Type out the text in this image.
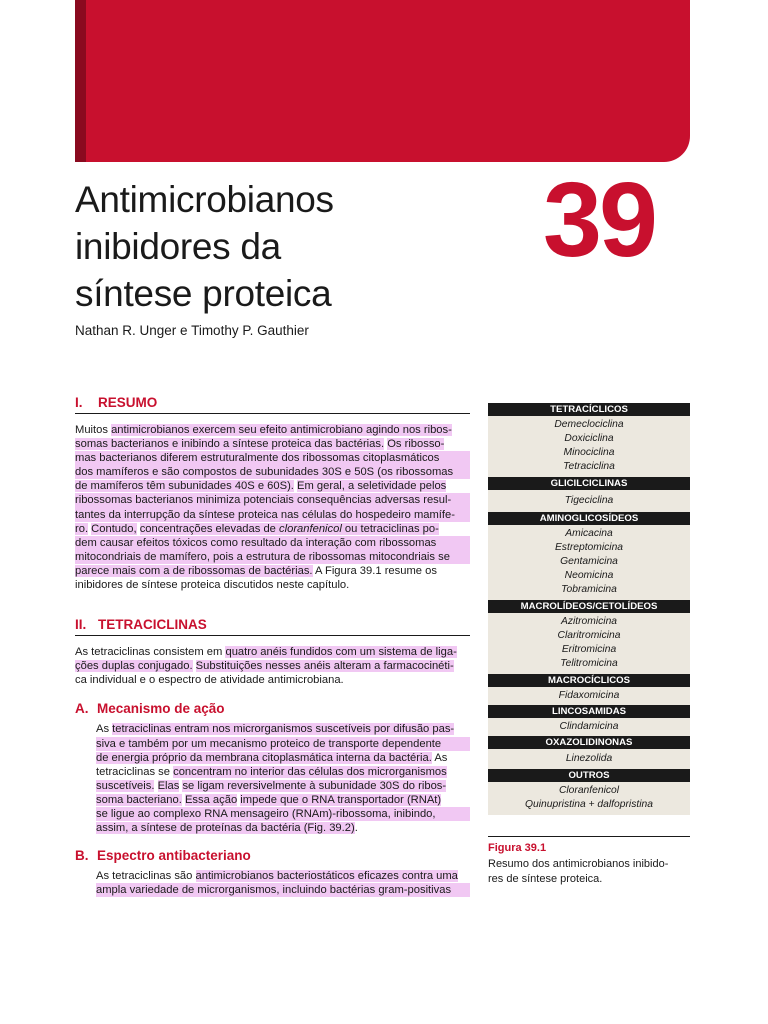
Antimicrobianos
inibidores da
síntese proteica
39
Nathan R. Unger e Timothy P. Gauthier
I.	RESUMO
Muitos antimicrobianos exercem seu efeito antimicrobiano agindo nos ribos-
somas bacterianos e inibindo a síntese proteica das bactérias. Os ribosso-
mas bacterianos diferem estruturalmente dos ribossomas citoplasmáticos
dos mamíferos e são compostos de subunidades 30S e 50S (os ribossomas
de mamíferos têm subunidades 40S e 60S). Em geral, a seletividade pelos
ribossomas bacterianos minimiza potenciais consequências adversas resul-
tantes da interrupção da síntese proteica nas células do hospedeiro mamífe-
ro. Contudo, concentrações elevadas de cloranfenicol ou tetraciclinas po-
dem causar efeitos tóxicos como resultado da interação com ribossomas
mitocondriais de mamífero, pois a estrutura de ribossomas mitocondriais se
parece mais com a de ribossomas de bactérias. A Figura 39.1 resume os
inibidores de síntese proteica discutidos neste capítulo.
II. TETRACICLINAS
As tetraciclinas consistem em quatro anéis fundidos com um sistema de liga-
ções duplas conjugado. Substituições nesses anéis alteram a farmacocinéti-
ca individual e o espectro de atividade antimicrobiana.
A. Mecanismo de ação
As tetraciclinas entram nos microrganismos suscetíveis por difusão pas-
siva e também por um mecanismo proteico de transporte dependente
de energia próprio da membrana citoplasmática interna da bactéria. As
tetraciclinas se concentram no interior das células dos microrganismos
suscetíveis. Elas se ligam reversivelmente à subunidade 30S do ribos-
soma bacteriano. Essa ação impede que o RNA transportador (RNAt)
se ligue ao complexo RNA mensageiro (RNAm)-ribossoma, inibindo,
assim, a síntese de proteínas da bactéria (Fig. 39.2).
B. Espectro antibacteriano
As tetraciclinas são antimicrobianos bacteriostáticos eficazes contra uma
ampla variedade de microrganismos, incluindo bactérias gram-positivas
TETRACÍCLICOS
Demeclociclina
Doxiciclina
Minociclina
Tetraciclina
GLICILCICLINAS
Tigeciclina
AMINOGLICOSÍDEOS
Amicacina
Estreptomicina
Gentamicina
Neomicina
Tobramicina
MACROLÍDEOS/CETOLÍDEOS
Azitromicina
Claritromicina
Eritromicina
Telitromicina
MACROCÍCLICOS
Fidaxomicina
LINCOSAMIDAS
Clindamicina
OXAZOLIDINONAS
Linezolida
OUTROS
Cloranfenicol
Quinupristina + dalfopristina
Figura 39.1
Resumo dos antimicrobianos inibido-
res de síntese proteica.
